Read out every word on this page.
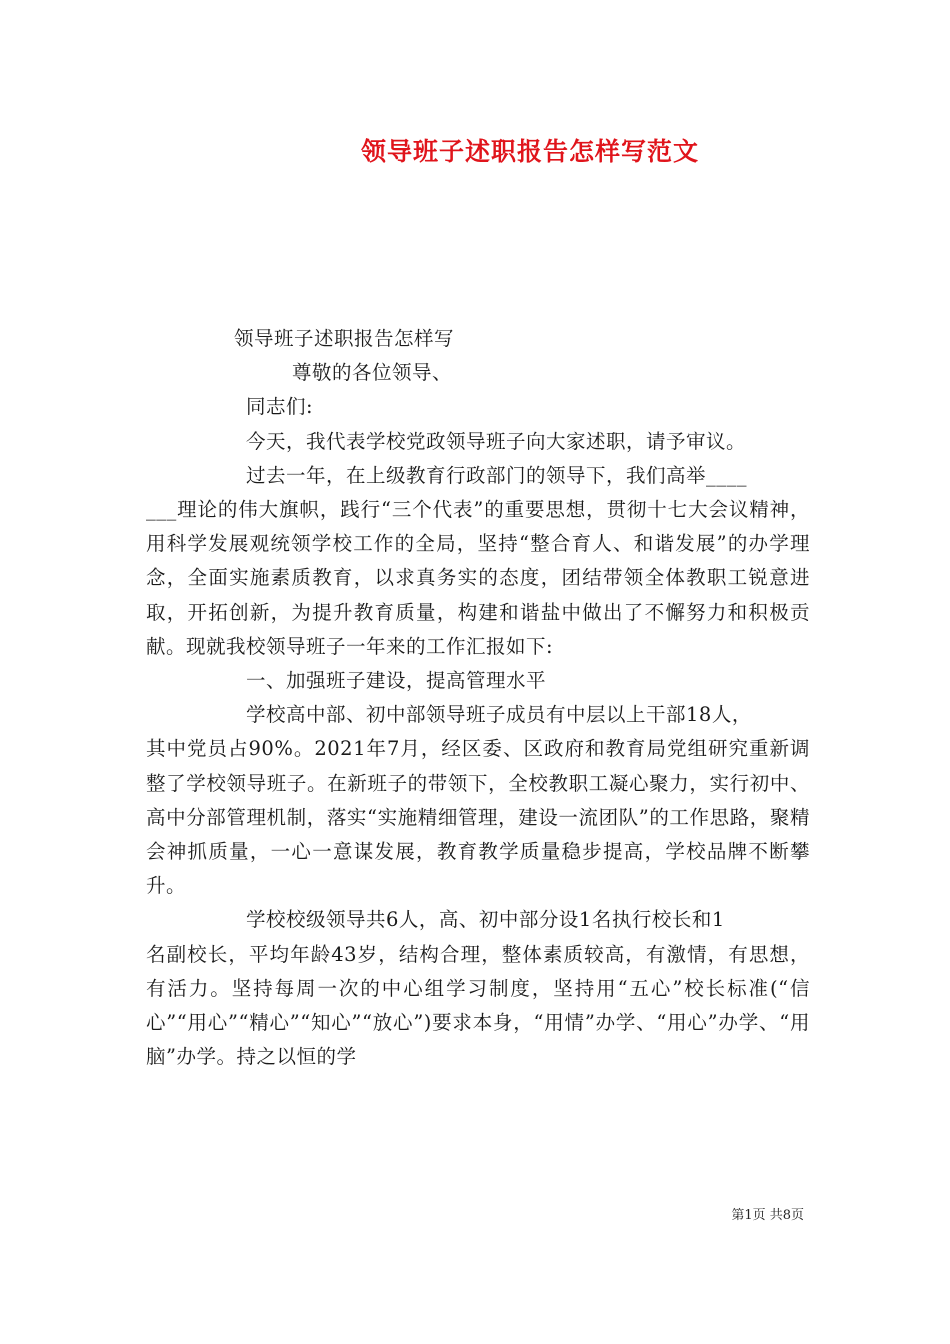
领导班子述职报告怎样写范文
领导班子述职报告怎样写
尊敬的各位领导、
同志们:
今天，我代表学校党政领导班子向大家述职，请予审议。
过去一年，在上级教育行政部门的领导下，我们高举____
___理论的伟大旗帜，践行“三个代表”的重要思想，贯彻十七大会议精神，用科学发展观统领学校工作的全局，坚持“整合育人、和谐发展”的办学理念，全面实施素质教育，以求真务实的态度，团结带领全体教职工锐意进取，开拓创新，为提升教育质量，构建和谐盐中做出了不懈努力和积极贡献。现就我校领导班子一年来的工作汇报如下:
一、加强班子建设，提高管理水平
学校高中部、初中部领导班子成员有中层以上干部18人，
其中党员占90%。2021年7月，经区委、区政府和教育局党组研究重新调整了学校领导班子。在新班子的带领下，全校教职工凝心聚力，实行初中、高中分部管理机制，落实“实施精细管理，建设一流团队”的工作思路，聚精会神抓质量，一心一意谋发展，教育教学质量稳步提高，学校品牌不断攀升。
学校校级领导共6人，高、初中部分设1名执行校长和1
名副校长，平均年龄43岁，结构合理，整体素质较高，有激情，有思想，有活力。坚持每周一次的中心组学习制度，坚持用“五心”校长标准(“信心”“用心”“精心”“知心”“放心”)要求本身，“用情”办学、“用心”办学、“用脑”办学。持之以恒的学
第1页 共8页
